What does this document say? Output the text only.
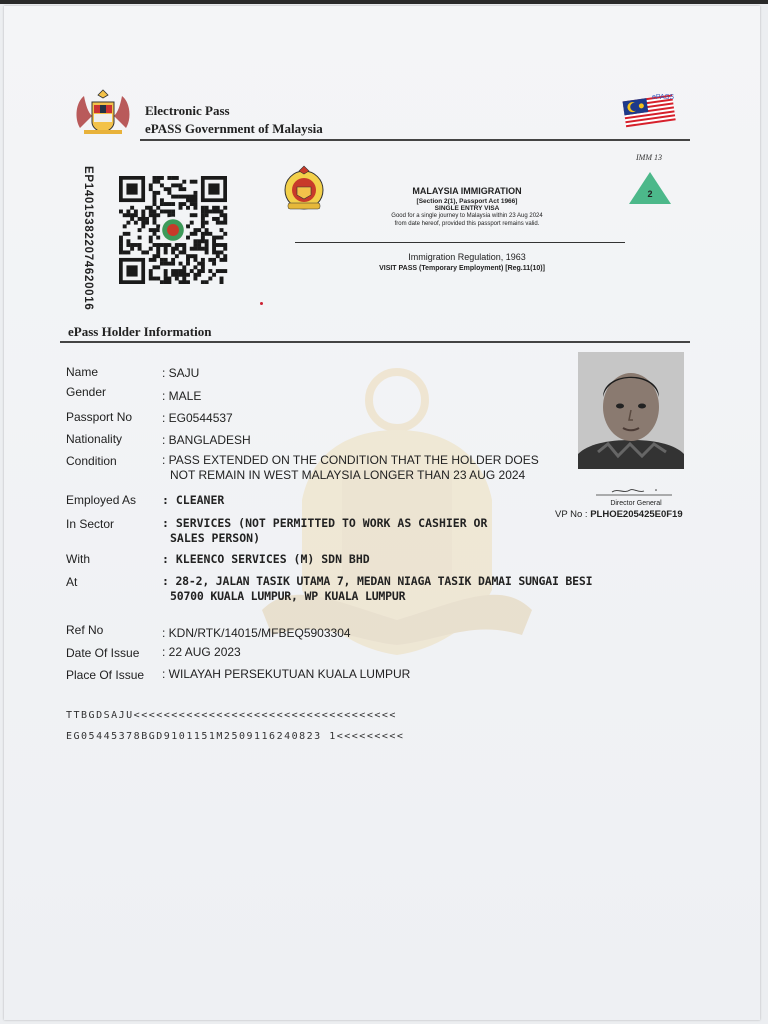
Electronic Pass
ePASS Government of Malaysia
ePASS
IMM 13
2
EP140153822074620016	MALAYSIA IMMIGRATION
[Section 2(1), Passport Act 1966]
SINGLE ENTRY VISA
Good for a single journey to Malaysia within 23 Aug 2024
from date hereof, provided this passport remains valid.
Immigration Regulation, 1963
VISIT PASS (Temporary Employment) [Reg.11(10)]
ePass Holder Information
Name	: SAJU
Gender	: MALE
Passport No : EG0544537
Nationality	: BANGLADESH
Condition	: PASS EXTENDED ON THE CONDITION THAT THE HOLDER DOES
NOT REMAIN IN WEST MALAYSIA LONGER THAN 23 AUG 2024
Employed As : CLEANER
In Sector	: SERVICES (NOT PERMITTED TO WORK AS CASHIER OR
SALES PERSON)
With	: KLEENCO SERVICES (M) SDN BHD
At	: 28-2, JALAN TASIK UTAMA 7, MEDAN NIAGA TASIK DAMAI SUNGAI BESI
50700 KUALA LUMPUR, WP KUALA LUMPUR
Ref No	: KDN/RTK/14015/MFBEQ5903304
Date Of Issue : 22 AUG 2023
Place Of Issue : WILAYAH PERSEKUTUAN KUALA LUMPUR
Director General
VP No : PLHOE205425E0F19
TTBGDSAJU<<<<<<<<<<<<<<<<<<<<<<<<<<<<<<<<<<<
EG05445378BGD9101151M2509116240823 1<<<<<<<<<
